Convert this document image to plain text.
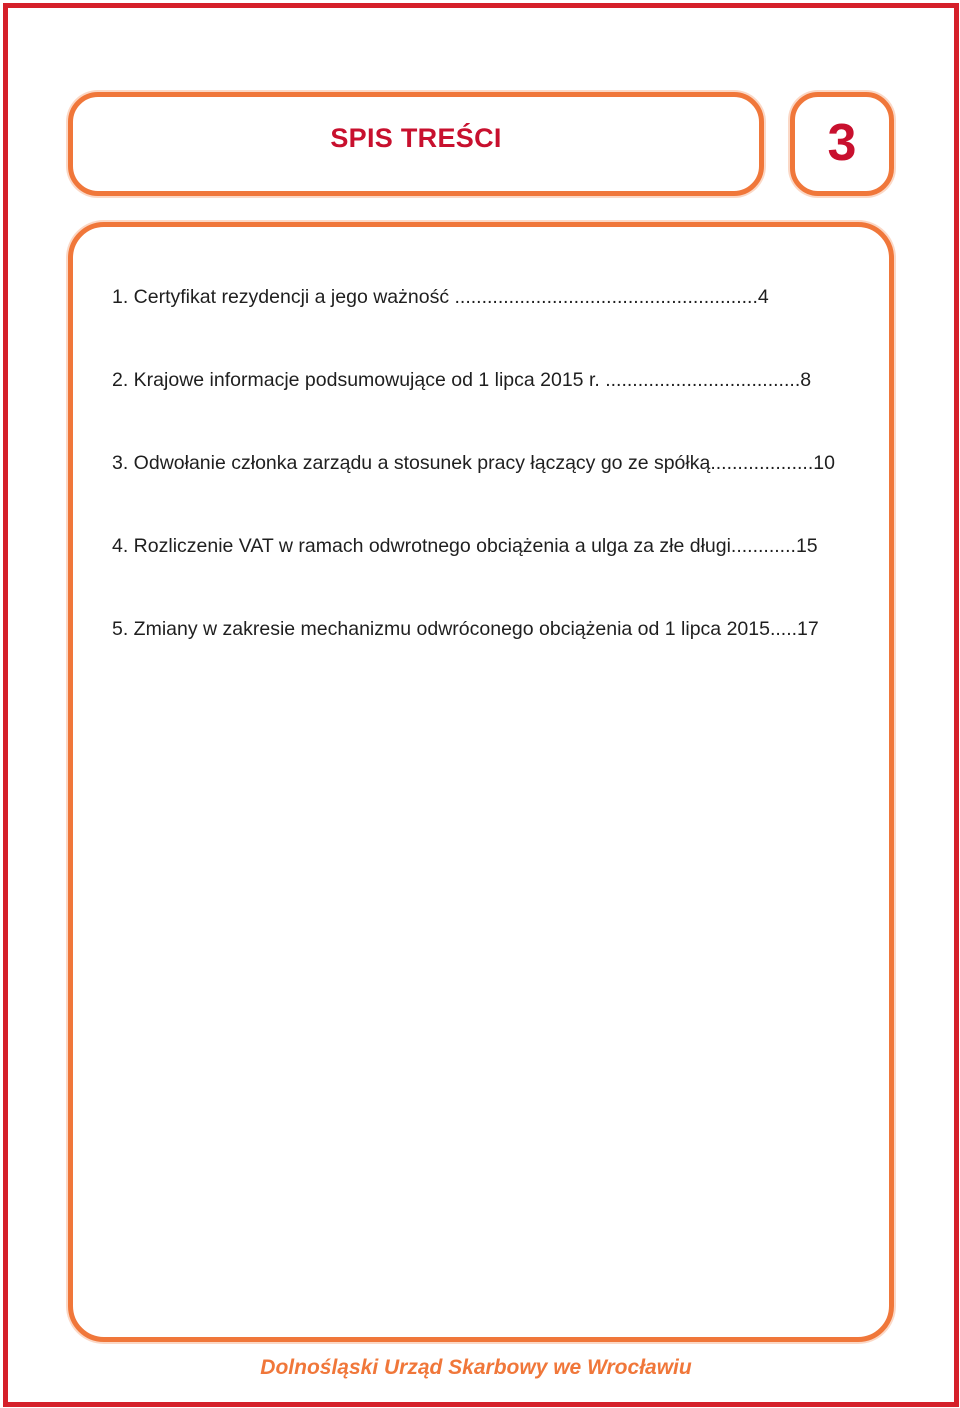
SPIS TREŚCI	3
1. Certyfikat rezydencji a jego ważność ........................................................4
2. Krajowe informacje podsumowujące od 1 lipca 2015 r. ....................................8
3. Odwołanie członka zarządu a stosunek pracy łączący go ze spółką...................10
4. Rozliczenie VAT w ramach odwrotnego obciążenia a ulga za złe długi............15
5. Zmiany w zakresie mechanizmu odwróconego obciążenia od 1 lipca 2015.....17
Dolnośląski Urząd Skarbowy we Wrocławiu
